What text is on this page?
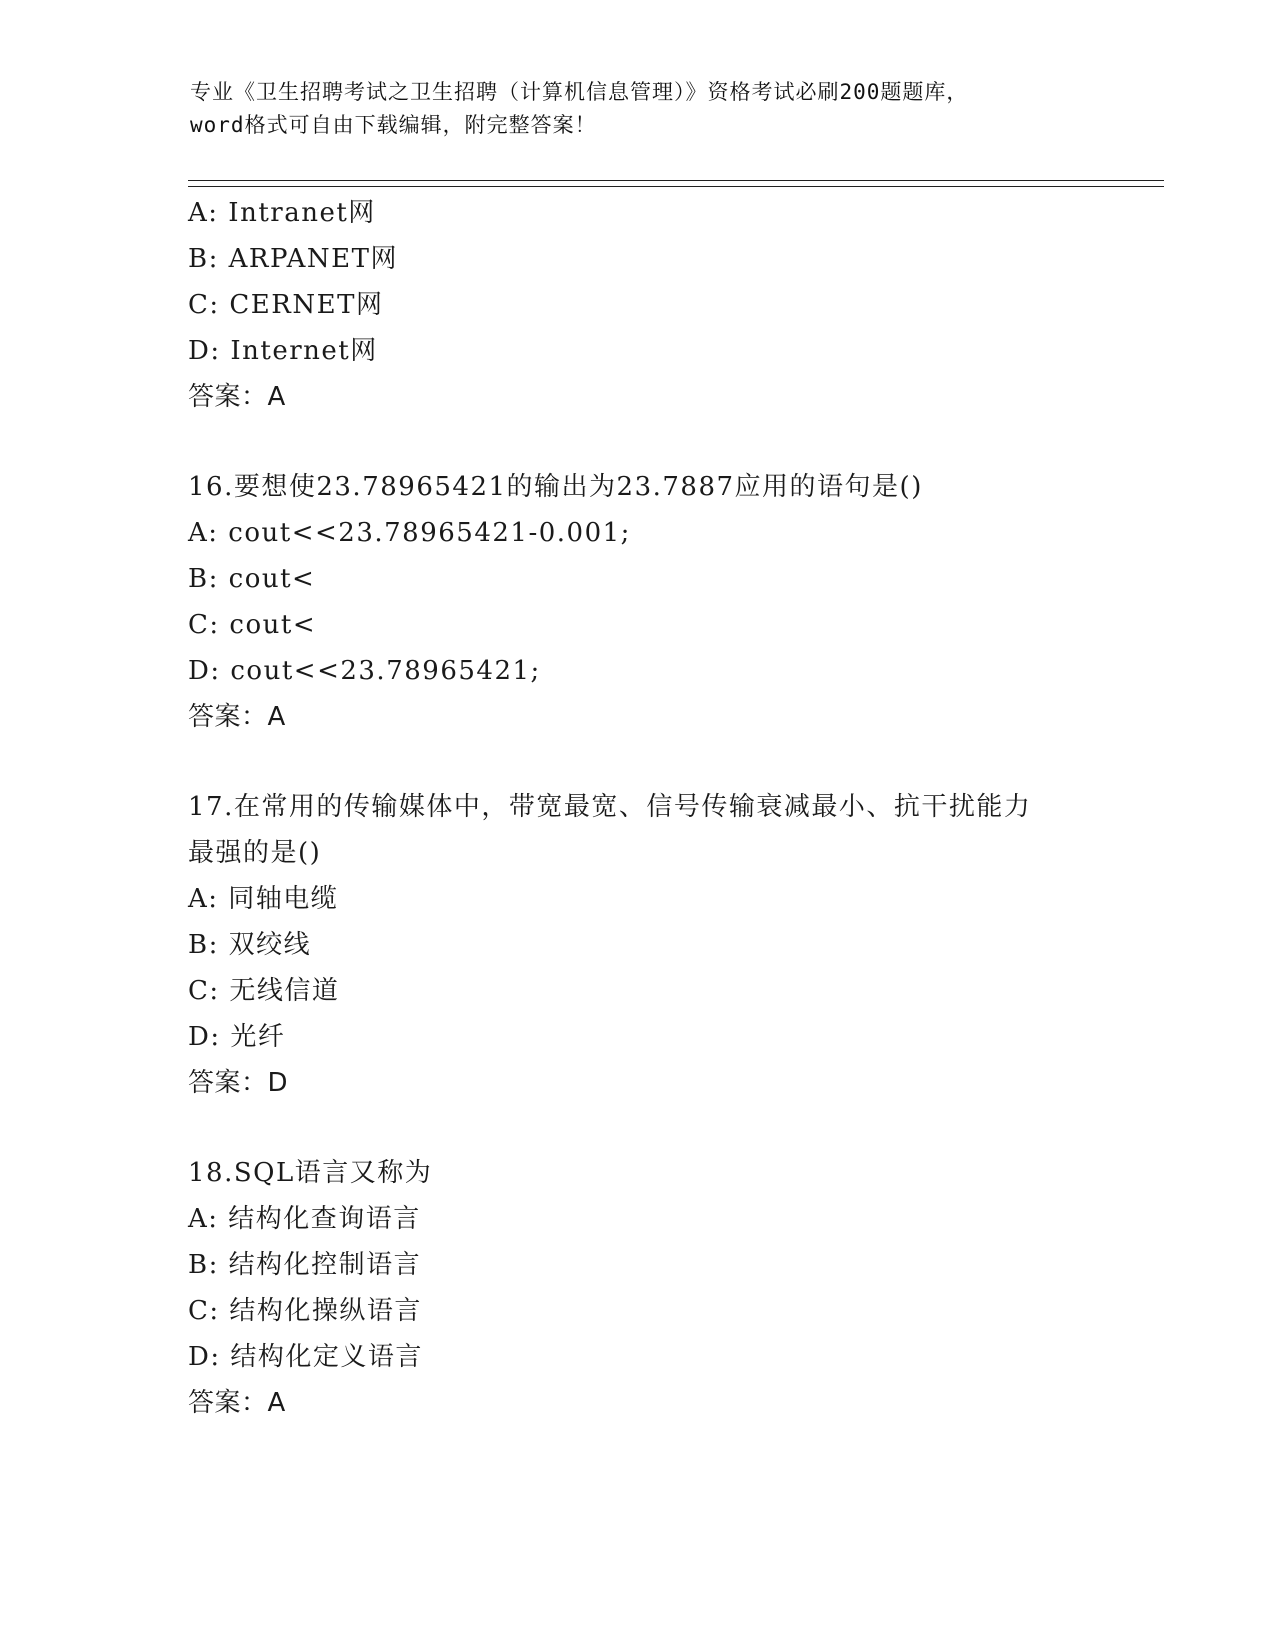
专业《卫生招聘考试之卫生招聘（计算机信息管理）》资格考试必刷200题题库，
word格式可自由下载编辑，附完整答案！
A: Intranet网
B: ARPANET网
C: CERNET网
D: Internet网
答案：A
16.要想使23.78965421的输出为23.7887应用的语句是()
A: cout<<23.78965421-0.001;
B: cout<
C: cout<
D: cout<<23.78965421;
答案：A
17.在常用的传输媒体中，带宽最宽、信号传输衰减最小、抗干扰能力
最强的是()
A: 同轴电缆
B: 双绞线
C: 无线信道
D: 光纤
答案：D
18.SQL语言又称为
A: 结构化查询语言
B: 结构化控制语言
C: 结构化操纵语言
D: 结构化定义语言
答案：A
